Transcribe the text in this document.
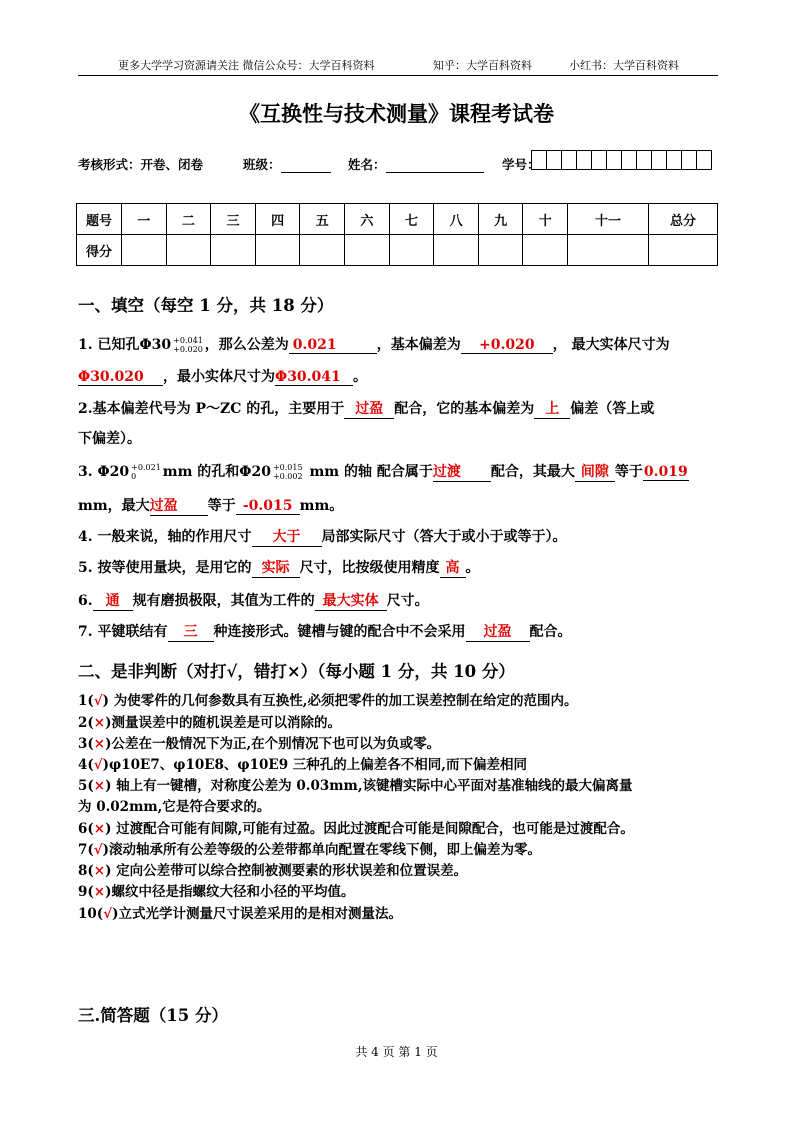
更多大学学习资源请关注 微信公众号：大学百科资料	知乎：大学百科资料	小红书：大学百科资料
《互换性与技术测量》课程考试卷
考核形式：开卷、闭卷	班级：	姓名：	学号：
题号	一	二	三	四	五	六	七	八	九	十	十一	总分
得分												
一、填空（每空 1 分，共 18 分）
1. 已知孔Φ30 +0.041
+0.020 ，那么公差为 0.021	，基本偏差为 +0.020 ， 最大实体尺寸为
Φ30.020 ，最小实体尺寸为Φ30.041 。
2.基本偏差代号为 P～ZC 的孔，主要用于 过盈 配合，它的基本偏差为 上 偏差（答上或
下偏差）。
3. Φ20 +0.021
0 mm 的孔和Φ20 +0.015
+0.002 mm 的轴 配合属于过渡 配合，其最大 间隙 等于0.019
mm，最大过盈 等于 -0.015 mm。
4. 一般来说，轴的作用尺寸 大于 局部实际尺寸（答大于或小于或等于）。
5. 按等使用量块，是用它的 实际 尺寸，比按级使用精度 高 。
6. 通 规有磨损极限，其值为工件的 最大实体 尺寸。
7. 平键联结有 三 种连接形式。键槽与键的配合中不会采用 过盈 配合。
二、是非判断（对打√，错打×）（每小题 1 分，共 10 分）
1(√) 为使零件的几何参数具有互换性,必须把零件的加工误差控制在给定的范围内。
2(×)测量误差中的随机误差是可以消除的。
3(×)公差在一般情况下为正,在个别情况下也可以为负或零。
4(√)φ10E7、φ10E8、φ10E9 三种孔的上偏差各不相同,而下偏差相同
5(×) 轴上有一键槽，对称度公差为 0.03mm,该键槽实际中心平面对基准轴线的最大偏离量
为 0.02mm,它是符合要求的。
6(×) 过渡配合可能有间隙,可能有过盈。因此过渡配合可能是间隙配合，也可能是过渡配合。
7(√)滚动轴承所有公差等级的公差带都单向配置在零线下侧，即上偏差为零。
8(×) 定向公差带可以综合控制被测要素的形状误差和位置误差。
9(×)螺纹中径是指螺纹大径和小径的平均值。
10(√)立式光学计测量尺寸误差采用的是相对测量法。
三.简答题（15 分）
共 4 页 第 1 页
